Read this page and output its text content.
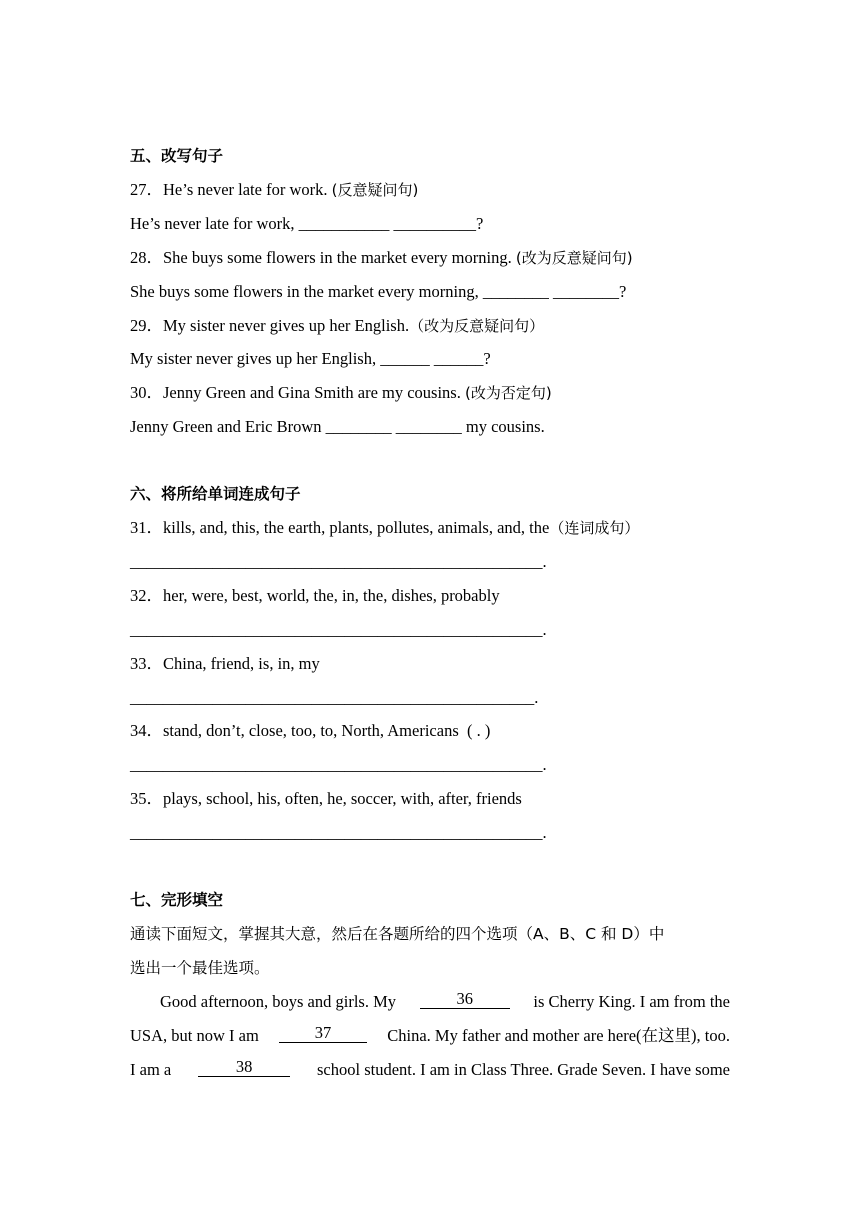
五、改写句子
27．He’s never late for work. (反意疑问句)
He’s never late for work, ___________ __________?
28．She buys some flowers in the market every morning. (改为反意疑问句)
She buys some flowers in the market every morning, ________ ________?
29．My sister never gives up her English.（改为反意疑问句）
My sister never gives up her English, ______ ______?
30．Jenny Green and Gina Smith are my cousins. (改为否定句)
Jenny Green and Eric Brown ________ ________ my cousins.
六、将所给单词连成句子
31．kills, and, this, the earth, plants, pollutes, animals, and, the（连词成句）
__________________________________________________.
32．her, were, best, world, the, in, the, dishes, probably
__________________________________________________.
33．China, friend, is, in, my
_________________________________________________.
34．stand, don’t, close, too, to, North, Americans  ( . )
__________________________________________________.
35．plays, school, his, often, he, soccer, with, after, friends
__________________________________________________.
七、完形填空
通读下面短文，掌握其大意，然后在各题所给的四个选项（A、B、C 和 D）中
选出一个最佳选项。
Good afternoon, boys and girls. My	36	is Cherry King. I am from the
USA, but now I am	37	China. My father and mother are here(在这里), too.
I am a	38	school student. I am in Class Three. Grade Seven. I have some
